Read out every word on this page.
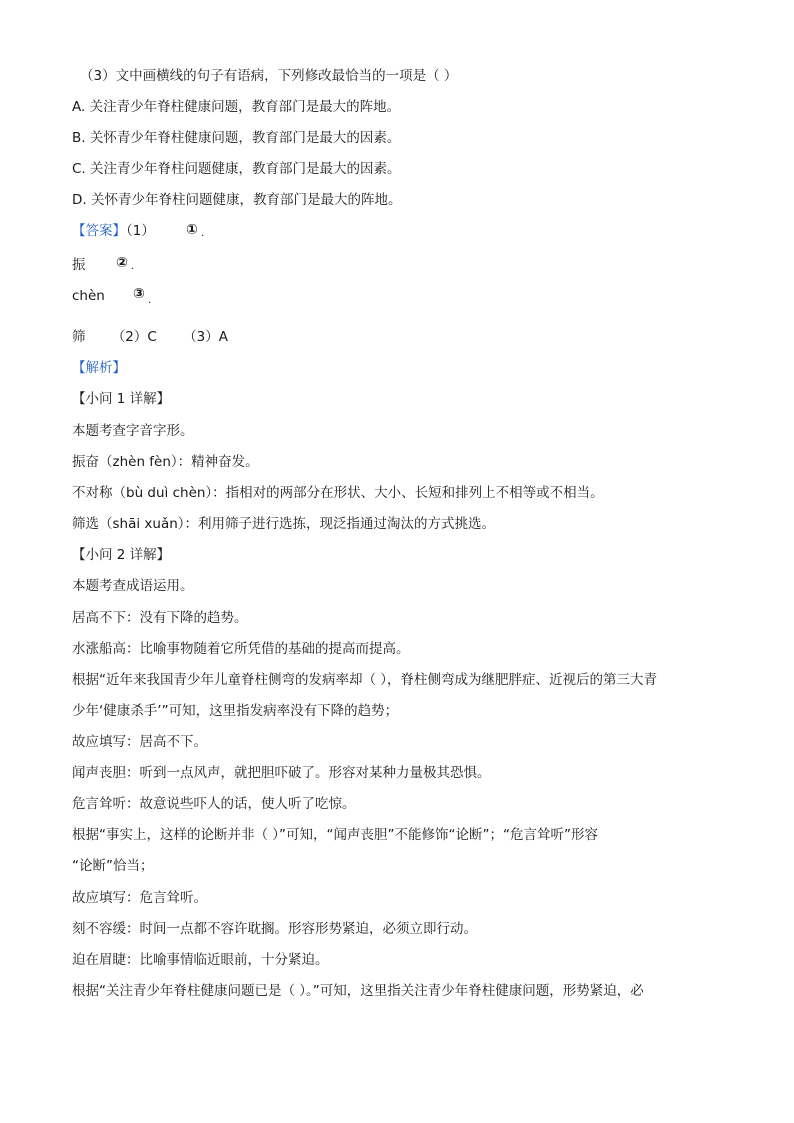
（3）文中画横线的句子有语病，下列修改最恰当的一项是（ ）
A. 关注青少年脊柱健康问题，教育部门是最大的阵地。
B. 关怀青少年脊柱健康问题，教育部门是最大的因素。
C. 关注青少年脊柱问题健康，教育部门是最大的因素。
D. 关怀青少年脊柱问题健康，教育部门是最大的阵地。
【答案】（1） ① .
振 ② .
chèn ③
·
筛 （2）C （3）A
【解析】
【小问 1 详解】
本题考查字音字形。
振奋（zhèn fèn）：精神奋发。
不对称（bù duì chèn）：指相对的两部分在形状、大小、长短和排列上不相等或不相当。
筛选（shāi xuǎn）：利用筛子进行选拣，现泛指通过淘汰的方式挑选。
【小问 2 详解】
本题考查成语运用。
居高不下：没有下降的趋势。
水涨船高：比喻事物随着它所凭借的基础的提高而提高。
根据“近年来我国青少年儿童脊柱侧弯的发病率却（ ），脊柱侧弯成为继肥胖症、近视后的第三大青
少年‘健康杀手’”可知，这里指发病率没有下降的趋势；
故应填写：居高不下。
闻声丧胆：听到一点风声，就把胆吓破了。形容对某种力量极其恐惧。
危言耸听：故意说些吓人的话，使人听了吃惊。
根据“事实上，这样的论断并非（ ）”可知，“闻声丧胆”不能修饰“论断”；“危言耸听”形容
“论断”恰当；
故应填写：危言耸听。
刻不容缓：时间一点都不容许耽搁。形容形势紧迫，必须立即行动。
迫在眉睫：比喻事情临近眼前，十分紧迫。
根据“关注青少年脊柱健康问题已是（ ）。”可知，这里指关注青少年脊柱健康问题，形势紧迫，必
